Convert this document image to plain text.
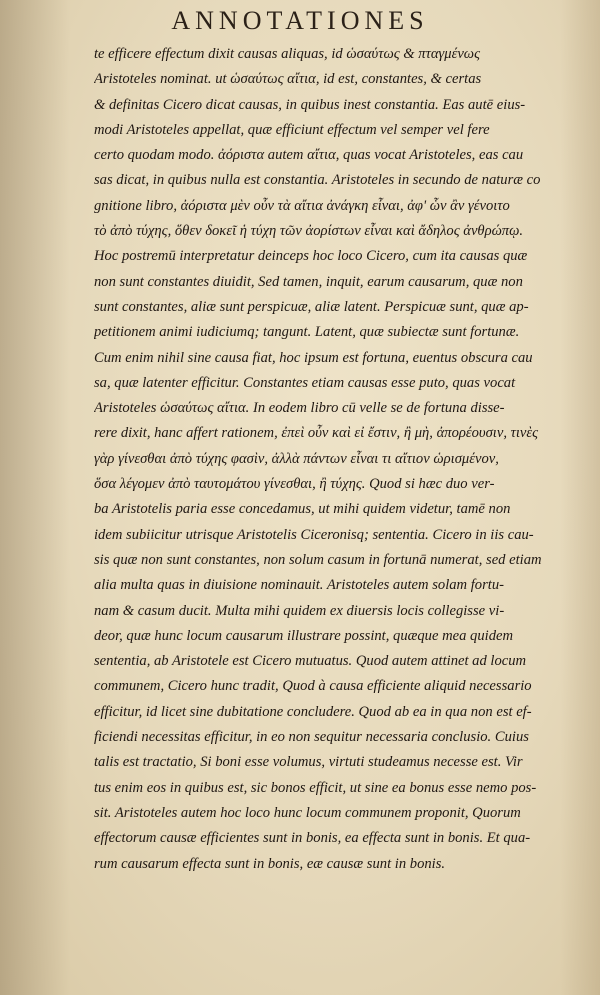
ANNOTATIONES
te efficere effectum dixit causas aliquas, id ὡσαύτως & πταγμένως
Aristoteles nominat. ut ὡσαύτως αἴτια, id est, constantes, & certas
& definitas Cicero dicat causas, in quibus inest constantia. Eas autē eius-
modi Aristoteles appellat, quæ efficiunt effectum vel semper vel fere
certo quodam modo. ἀόριστα autem αἴτια, quas vocat Aristoteles, eas cau
sas dicat, in quibus nulla est constantia. Aristoteles in secundo de naturæ co
gnitione libro, ἀόριστα μὲν οὖν τὰ αἴτια ἀνάγκη εἶναι, ἀφ' ὧν ἂν γένοιτο
τὸ ἀπὸ τύχης, ὅθεν δοκεῖ ἡ τύχη τῶν ἀορίστων εἶναι καὶ ἄδηλος ἀνθρώπῳ.
Hoc postremū interpretatur deinceps hoc loco Cicero, cum ita causas quæ
non sunt constantes diuidit, Sed tamen, inquit, earum causarum, quæ non
sunt constantes, aliæ sunt perspicuæ, aliæ latent. Perspicuæ sunt, quæ ap-
petitionem animi iudiciumq; tangunt. Latent, quæ subiectæ sunt fortunæ.
Cum enim nihil sine causa fiat, hoc ipsum est fortuna, euentus obscura cau
sa, quæ latenter efficitur. Constantes etiam causas esse puto, quas vocat
Aristoteles ὡσαύτως αἴτια. In eodem libro cū velle se de fortuna disse-
rere dixit, hanc affert rationem, ἐπεὶ οὖν καὶ εἰ ἔστιν, ἢ μὴ, ἀπορέουσιν, τινὲς
γὰρ γίνεσθαι ἀπὸ τύχης φασὶν, ἀλλὰ πάντων εἶναι τι αἴτιον ὡρισμένον,
ὅσα λέγομεν ἀπὸ ταυτομάτου γίνεσθαι, ἢ τύχης. Quod si hæc duo ver-
ba Aristotelis paria esse concedamus, ut mihi quidem videtur, tamē non
idem subiicitur utrisque Aristotelis Ciceronisq; sententia. Cicero in iis cau-
sis quæ non sunt constantes, non solum casum in fortunā numerat, sed etiam
alia multa quas in diuisione nominauit. Aristoteles autem solam fortu-
nam & casum ducit. Multa mihi quidem ex diuersis locis collegisse vi-
deor, quæ hunc locum causarum illustrare possint, quæque mea quidem
sententia, ab Aristotele est Cicero mutuatus. Quod autem attinet ad locum
communem, Cicero hunc tradit, Quod à causa efficiente aliquid necessario
efficitur, id licet sine dubitatione concludere. Quod ab ea in qua non est ef-
ficiendi necessitas efficitur, in eo non sequitur necessaria conclusio. Cuius
talis est tractatio, Si boni esse volumus, virtuti studeamus necesse est. Vir
tus enim eos in quibus est, sic bonos efficit, ut sine ea bonus esse nemo pos-
sit. Aristoteles autem hoc loco hunc locum communem proponit, Quorum
effectorum causæ efficientes sunt in bonis, ea effecta sunt in bonis. Et qua-
rum causarum effecta sunt in bonis, eæ causæ sunt in bonis.
